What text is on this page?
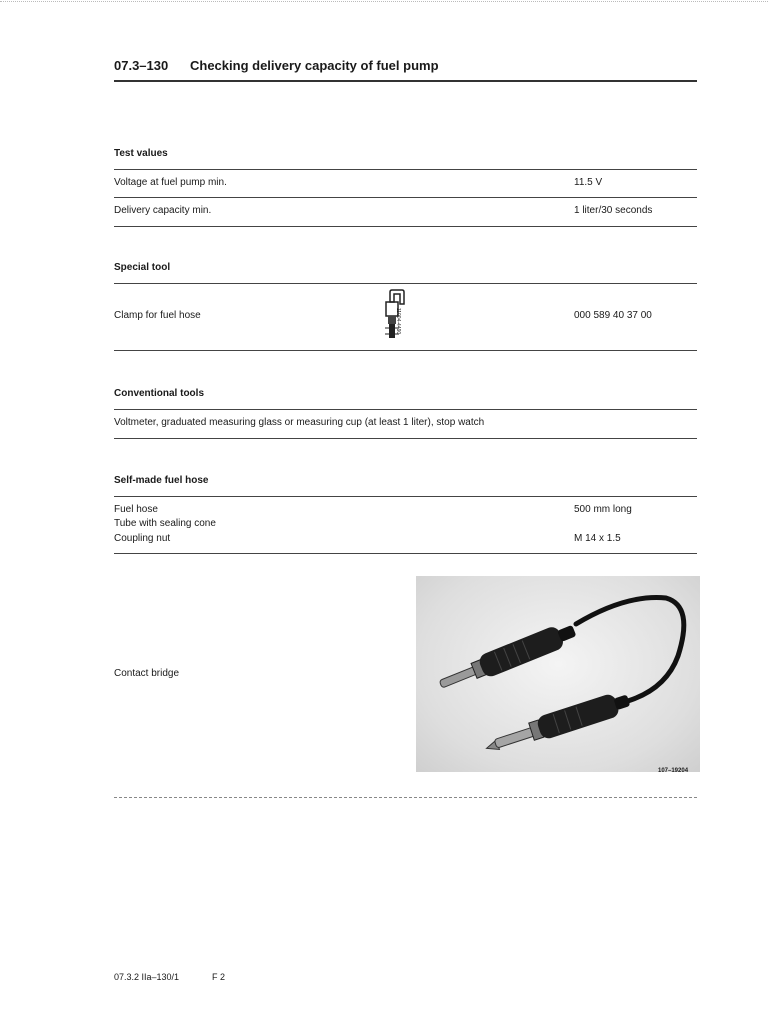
07.3–130 Checking delivery capacity of fuel pump
Test values
Voltage at fuel pump min.	11.5 V
Delivery capacity min.	1 liter/30 seconds
Special tool
Clamp for fuel hose	11004-4490	000 589 40 37 00
Conventional tools
Voltmeter, graduated measuring glass or measuring cup (at least 1 liter), stop watch
Self-made fuel hose
Fuel hose	500 mm long
Tube with sealing cone
Coupling nut	M 14 x 1.5
Contact bridge
107–19204
07.3.2 IIa–130/1	F 2
